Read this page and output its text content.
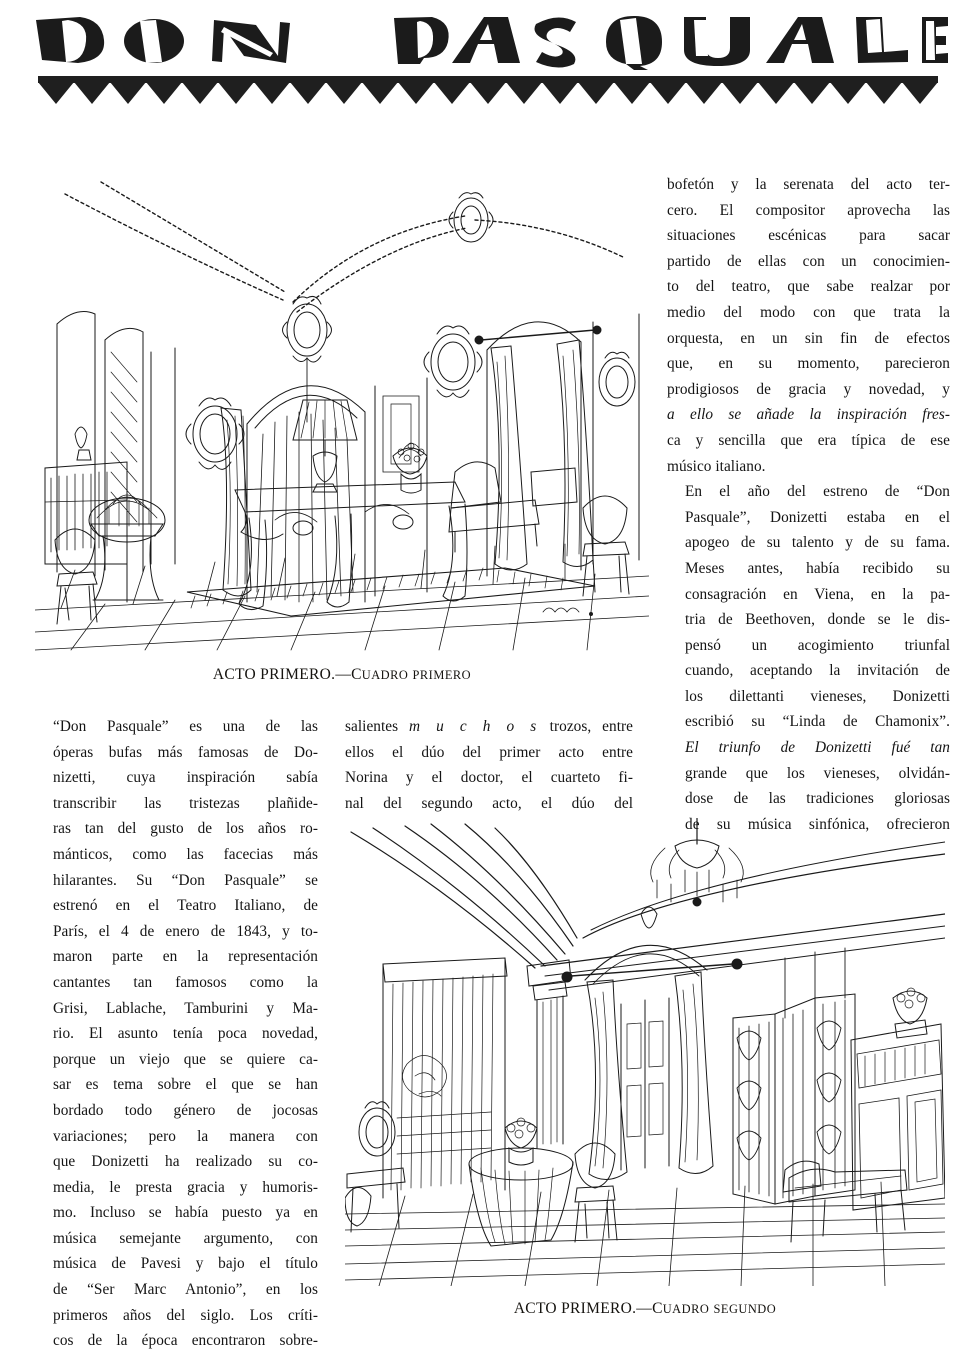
ACTO PRIMERO.—CUADRO PRIMERO
ACTO PRIMERO.—CUADRO SEGUNDO

“Don Pasquale” es una de las
óperas bufas más famosas de Do-
nizetti, cuya inspiración sabía
transcribir las tristezas plañide-
ras tan del gusto de los años ro-
mánticos, como las facecias más
hilarantes. Su “Don Pasquale” se
estrenó en el Teatro Italiano, de
París, el 4 de enero de 1843, y to-
maron parte en la representación
cantantes tan famosos como la
Grisi, Lablache, Tamburini y Ma-
rio. El asunto tenía poca novedad,
porque un viejo que se quiere ca-
sar es tema sobre el que se han
bordado todo género de jocosas
variaciones; pero la manera con
que Donizetti ha realizado su co-
media, le presta gracia y humoris-
mo. Incluso se había puesto ya en
música semejante argumento, con
música de Pavesi y bajo el título
de “Ser Marc Antonio”, en los
primeros años del siglo. Los críti-
cos de la época encontraron sobre-

salientes m u c h o s trozos, entre
ellos el dúo del primer acto entre
Norina y el doctor, el cuarteto fi-
nal del segundo acto, el dúo del

bofetón y la serenata del acto ter-
cero. El compositor aprovecha las
situaciones escénicas para sacar
partido de ellas con un conocimien-
to del teatro, que sabe realzar por
medio del modo con que trata la
orquesta, en un sin fin de efectos
que, en su momento, parecieron
prodigiosos de gracia y novedad, y
a ello se añade la inspiración fres-
ca y sencilla que era típica de ese
músico italiano.

En el año del estreno de “Don
Pasquale”, Donizetti estaba en el
apogeo de su talento y de su fama.
Meses antes, había recibido su
consagración en Viena, en la pa-
tria de Beethoven, donde se le dis-
pensó un acogimiento triunfal
cuando, aceptando la invitación de
los dilettanti vieneses, Donizetti
escribió su “Linda de Chamonix”.
El triunfo de Donizetti fué tan
grande que los vieneses, olvidán-
dose de las tradiciones gloriosas
de su música sinfónica, ofrecieron
